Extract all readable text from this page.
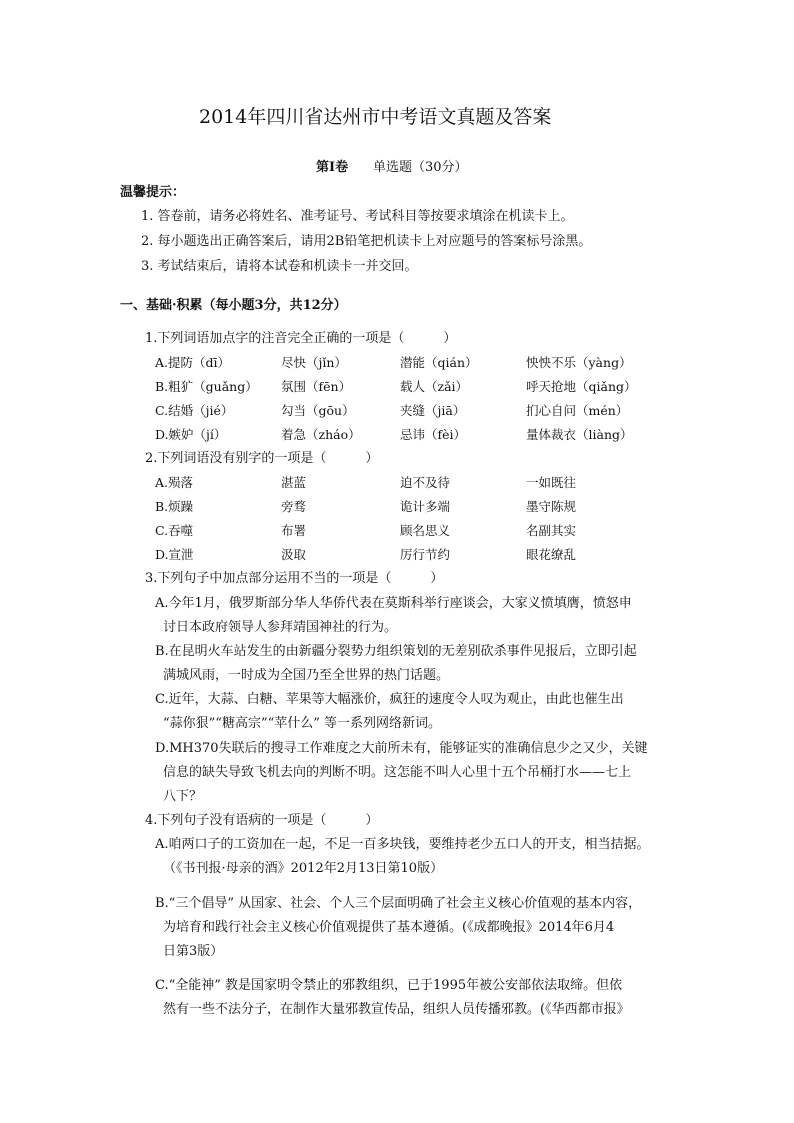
2014年四川省达州市中考语文真题及答案
第Ⅰ卷 单选题（30分）
温馨提示：
1. 答卷前，请务必将姓名、准考证号、考试科目等按要求填涂在机读卡上。
2. 每小题选出正确答案后，请用2B铅笔把机读卡上对应题号的答案标号涂黑。
3. 考试结束后，请将本试卷和机读卡一并交回。
一、基础·积累（每小题3分，共12分）
1.下列词语加点字的注音完全正确的一项是（　　　）
A.提防（dī）	尽快（jǐn）	潜能（qián）	怏怏不乐（yàng）
B.粗犷（guǎng） 氛围（fēn）	载人（zǎi）	呼天抢地（qiǎng）
C.结婚（jié）	勾当（gōu）	夹缝（jiā）	扪心自问（mén）
D.嫉妒（jí）	着急（zháo）	忌讳（fèi）	量体裁衣（liàng）
2.下列词语没有别字的一项是（　　　）
A.殒落	湛蓝	迫不及待	一如既往
B.烦躁	旁骛	诡计多端	墨守陈规
C.吞噬	布署	顾名思义	名副其实
D.宣泄	汲取	厉行节约	眼花缭乱
3.下列句子中加点部分运用不当的一项是（　　　）
A.今年1月，俄罗斯部分华人华侨代表在莫斯科举行座谈会，大家义愤填膺，愤怒申
讨日本政府领导人参拜靖国神社的行为。
B.在昆明火车站发生的由新疆分裂势力组织策划的无差别砍杀事件见报后，立即引起
满城风雨，一时成为全国乃至全世界的热门话题。
C.近年，大蒜、白糖、苹果等大幅涨价，疯狂的速度令人叹为观止，由此也催生出
“蒜你狠”“糖高宗”“苹什么” 等一系列网络新词。
D.MH370失联后的搜寻工作难度之大前所未有，能够证实的准确信息少之又少，关键
信息的缺失导致飞机去向的判断不明。这怎能不叫人心里十五个吊桶打水——七上
八下？
4.下列句子没有语病的一项是（　　　）
A.咱两口子的工资加在一起，不足一百多块钱，要维持老少五口人的开支，相当拮据。
（《书刊报·母亲的酒》2012年2月13日第10版）
B.“三个倡导” 从国家、社会、个人三个层面明确了社会主义核心价值观的基本内容，
为培育和践行社会主义核心价值观提供了基本遵循。(《成都晚报》2014年6月4
日第3版）
C.“全能神” 教是国家明令禁止的邪教组织，已于1995年被公安部依法取缔。但依
然有一些不法分子，在制作大量邪教宣传品，组织人员传播邪教。(《华西都市报》
